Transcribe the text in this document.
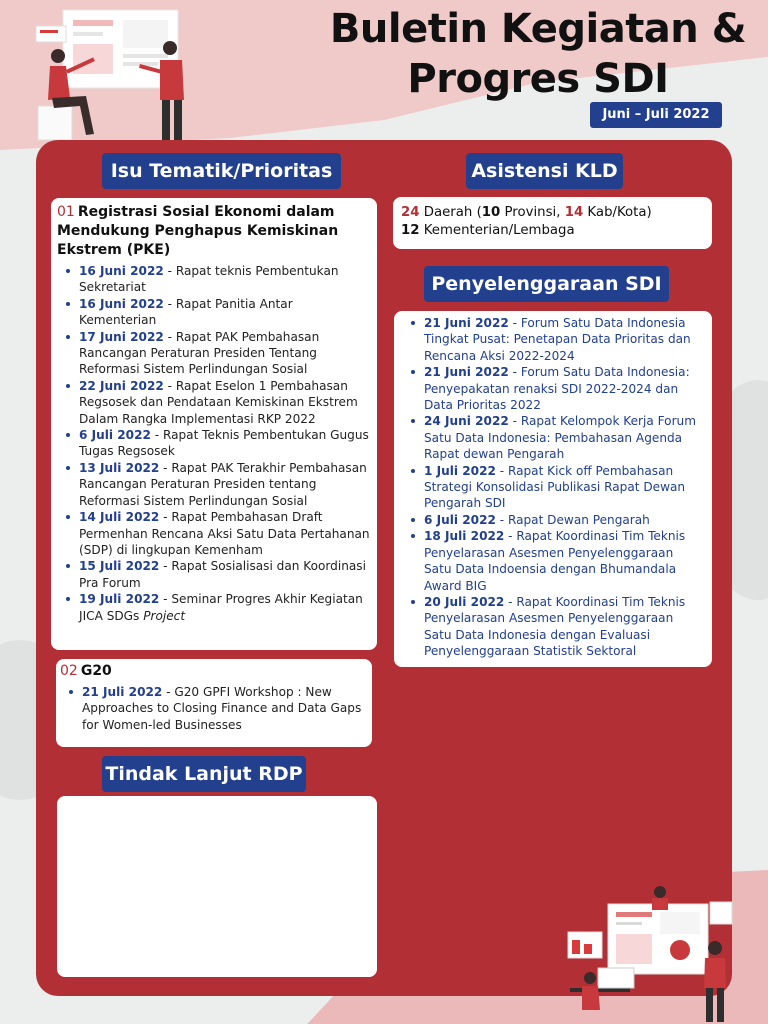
Buletin Kegiatan &
Progres SDI
Juni – Juli 2022
Isu Tematik/Prioritas	Asistensi KLD
Penyelenggaraan SDI
Tindak Lanjut RDP
01 Registrasi Sosial Ekonomi dalam Mendukung Penghapus Kemiskinan Ekstrem (PKE)
16 Juni 2022 - Rapat teknis Pembentukan Sekretariat
16 Juni 2022 - Rapat Panitia Antar Kementerian
17 Juni 2022 - Rapat PAK Pembahasan Rancangan Peraturan Presiden Tentang Reformasi Sistem Perlindungan Sosial
22 Juni 2022 - Rapat Eselon 1 Pembahasan Regsosek dan Pendataan Kemiskinan Ekstrem Dalam Rangka Implementasi RKP 2022
6 Juli 2022 - Rapat Teknis Pembentukan Gugus Tugas Regsosek
13 Juli 2022 - Rapat PAK Terakhir Pembahasan Rancangan Peraturan Presiden tentang Reformasi Sistem Perlindungan Sosial
14 Juli 2022 - Rapat Pembahasan Draft Permenhan Rencana Aksi Satu Data Pertahanan (SDP) di lingkupan Kemenham
15 Juli 2022 - Rapat Sosialisasi dan Koordinasi Pra Forum
19 Juli 2022 - Seminar Progres Akhir Kegiatan JICA SDGs Project
02 G20
21 Juli 2022 - G20 GPFI Workshop : New Approaches to Closing Finance and Data Gaps for Women-led Businesses
24 Daerah (10 Provinsi, 14 Kab/Kota)
12 Kementerian/Lembaga
21 Juni 2022 - Forum Satu Data Indonesia Tingkat Pusat: Penetapan Data Prioritas dan Rencana Aksi 2022-2024
21 Juni 2022 - Forum Satu Data Indonesia: Penyepakatan renaksi SDI 2022-2024 dan Data Prioritas 2022
24 Juni 2022 - Rapat Kelompok Kerja Forum Satu Data Indonesia: Pembahasan Agenda Rapat dewan Pengarah
1 Juli 2022 - Rapat Kick off Pembahasan Strategi Konsolidasi Publikasi Rapat Dewan Pengarah SDI
6 Juli 2022 - Rapat Dewan Pengarah
18 Juli 2022 - Rapat Koordinasi Tim Teknis Penyelarasan Asesmen Penyelenggaraan Satu Data Indoensia dengan Bhumandala Award BIG
20 Juli 2022 - Rapat Koordinasi Tim Teknis Penyelarasan Asesmen Penyelenggaraan Satu Data Indonesia dengan Evaluasi Penyelenggaraan Statistik Sektoral
